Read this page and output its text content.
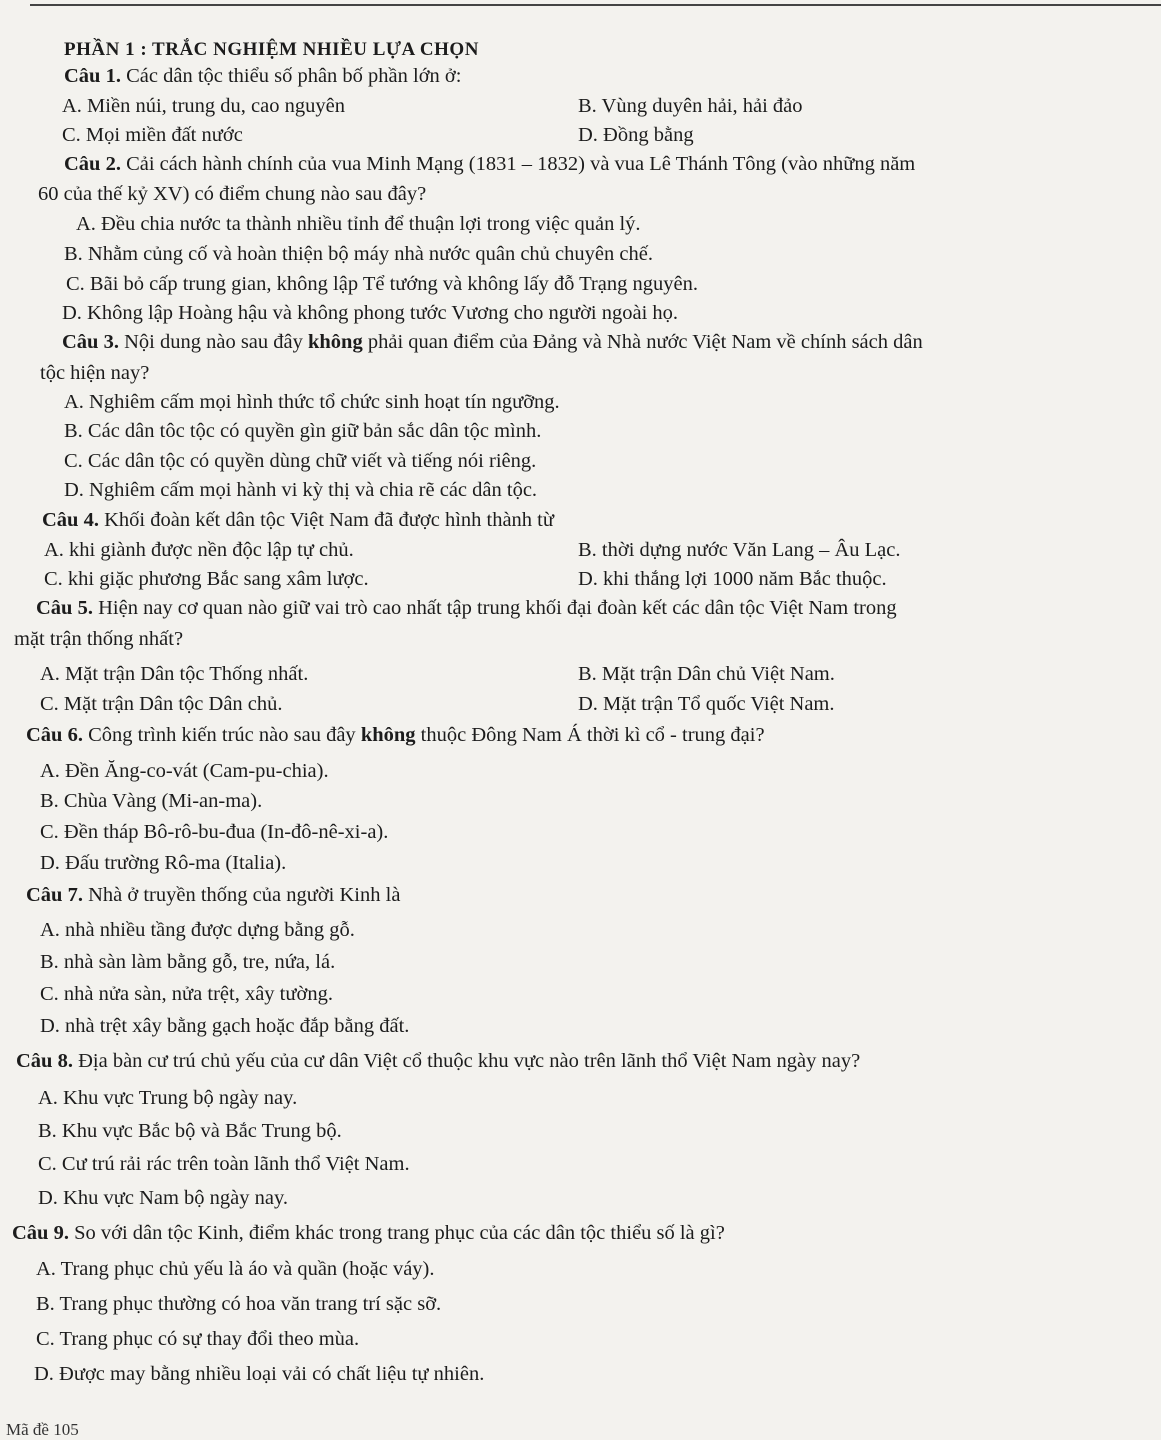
PHẦN 1 : TRẮC NGHIỆM NHIỀU LỰA CHỌN
Câu 1. Các dân tộc thiểu số phân bố phần lớn ở:
A. Miền núi, trung du, cao nguyên	B. Vùng duyên hải, hải đảo
C. Mọi miền đất nước	D. Đồng bằng
Câu 2. Cải cách hành chính của vua Minh Mạng (1831 – 1832) và vua Lê Thánh Tông (vào những năm
60 của thế kỷ XV) có điểm chung nào sau đây?
A. Đều chia nước ta thành nhiều tỉnh để thuận lợi trong việc quản lý.
B. Nhằm củng cố và hoàn thiện bộ máy nhà nước quân chủ chuyên chế.
C. Bãi bỏ cấp trung gian, không lập Tể tướng và không lấy đỗ Trạng nguyên.
D. Không lập Hoàng hậu và không phong tước Vương cho người ngoài họ.
Câu 3. Nội dung nào sau đây không phải quan điểm của Đảng và Nhà nước Việt Nam về chính sách dân
tộc hiện nay?
A. Nghiêm cấm mọi hình thức tổ chức sinh hoạt tín ngưỡng.
B. Các dân tôc tộc có quyền gìn giữ bản sắc dân tộc mình.
C. Các dân tộc có quyền dùng chữ viết và tiếng nói riêng.
D. Nghiêm cấm mọi hành vi kỳ thị và chia rẽ các dân tộc.
Câu 4. Khối đoàn kết dân tộc Việt Nam đã được hình thành từ
A. khi giành được nền độc lập tự chủ.	B. thời dựng nước Văn Lang – Âu Lạc.
C. khi giặc phương Bắc sang xâm lược.	D. khi thắng lợi 1000 năm Bắc thuộc.
Câu 5. Hiện nay cơ quan nào giữ vai trò cao nhất tập trung khối đại đoàn kết các dân tộc Việt Nam trong
mặt trận thống nhất?
A. Mặt trận Dân tộc Thống nhất.	B. Mặt trận Dân chủ Việt Nam.
C. Mặt trận Dân tộc Dân chủ.	D. Mặt trận Tổ quốc Việt Nam.
Câu 6. Công trình kiến trúc nào sau đây không thuộc Đông Nam Á thời kì cổ - trung đại?
A. Đền Ăng-co-vát (Cam-pu-chia).
B. Chùa Vàng (Mi-an-ma).
C. Đền tháp Bô-rô-bu-đua (In-đô-nê-xi-a).
D. Đấu trường Rô-ma (Italia).
Câu 7. Nhà ở truyền thống của người Kinh là
A. nhà nhiều tầng được dựng bằng gỗ.
B. nhà sàn làm bằng gỗ, tre, nứa, lá.
C. nhà nửa sàn, nửa trệt, xây tường.
D. nhà trệt xây bằng gạch hoặc đắp bằng đất.
Câu 8. Địa bàn cư trú chủ yếu của cư dân Việt cổ thuộc khu vực nào trên lãnh thổ Việt Nam ngày nay?
A. Khu vực Trung bộ ngày nay.
B. Khu vực Bắc bộ và Bắc Trung bộ.
C. Cư trú rải rác trên toàn lãnh thổ Việt Nam.
D. Khu vực Nam bộ ngày nay.
Câu 9. So với dân tộc Kinh, điểm khác trong trang phục của các dân tộc thiểu số là gì?
A. Trang phục chủ yếu là áo và quần (hoặc váy).
B. Trang phục thường có hoa văn trang trí sặc sỡ.
C. Trang phục có sự thay đổi theo mùa.
D. Được may bằng nhiều loại vải có chất liệu tự nhiên.
Mã đề 105
